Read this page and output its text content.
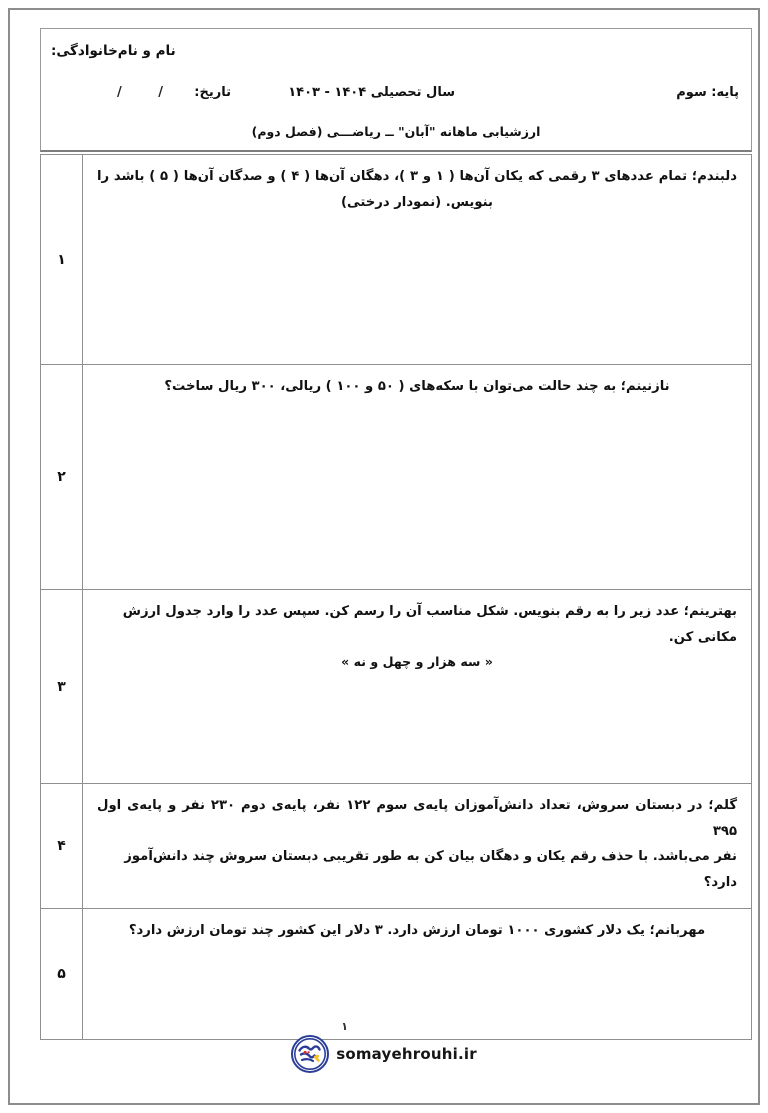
نام و نام‌خانوادگی:
پایه: سوم
سال تحصیلی ۱۴۰۴ - ۱۴۰۳
تاریخ:
/ /
ارزشیابی ماهانه "آبان" ــ ریاضـــی (فصل دوم)
دلبندم؛ تمام عددهای ۳ رقمی که یکان آن‌ها ( ۱ و ۳ )، دهگان آن‌ها ( ۴ ) و صدگان آن‌ها ( ۵ ) باشد را
بنویس. (نمودار درختی)	۱

نازنینم؛ به چند حالت می‌توان با سکه‌های ( ۵۰ و ۱۰۰ ) ریالی، ۳۰۰ ریال ساخت؟	۲

بهترینم؛ عدد زیر را به رقم بنویس. شکل مناسب آن را رسم کن. سپس عدد را وارد جدول ارزش مکانی کن.
« سه هزار و چهل و نه »	۳

گلم؛ در دبستان سروش، تعداد دانش‌آموزان پایه‌ی سوم ۱۲۲ نفر، پایه‌ی دوم ۲۳۰ نفر و پایه‌ی اول ۳۹۵
نفر می‌باشد. با حذف رقم یکان و دهگان بیان کن به طور تقریبی دبستان سروش چند دانش‌آموز دارد؟	۴

مهربانم؛ یک دلار کشوری ۱۰۰۰ تومان ارزش دارد. ۳ دلار این کشور چند تومان ارزش دارد؟	۵
۱
somayehrouhi.ir
